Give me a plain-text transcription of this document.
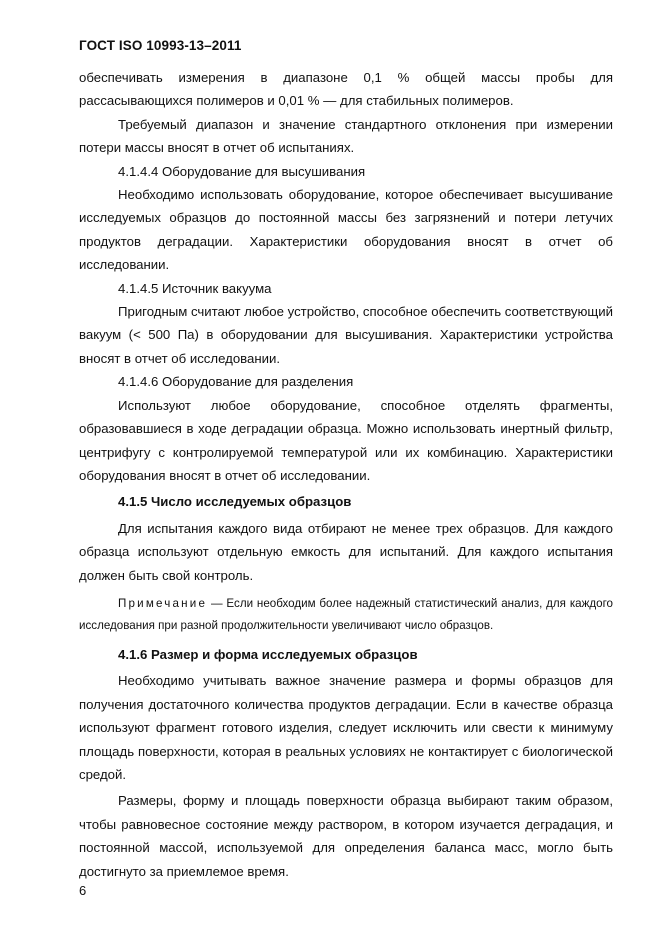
ГОСТ ISO 10993-13–2011

обеспечивать измерения в диапазоне 0,1 % общей массы пробы для рассасывающихся полимеров и 0,01 % — для стабильных полимеров.

Требуемый диапазон и значение стандартного отклонения при измерении потери массы вносят в отчет об испытаниях.

4.1.4.4 Оборудование для высушивания

Необходимо использовать оборудование, которое обеспечивает высушивание исследуемых образцов до постоянной массы без загрязнений и потери летучих продуктов деградации. Характеристики оборудования вносят в отчет об исследовании.

4.1.4.5 Источник вакуума

Пригодным считают любое устройство, способное обеспечить соответствующий вакуум (< 500 Па) в оборудовании для высушивания. Характеристики устройства вносят в отчет об исследовании.

4.1.4.6 Оборудование для разделения

Используют любое оборудование, способное отделять фрагменты, образовавшиеся в ходе деградации образца. Можно использовать инертный фильтр, центрифугу с контролируемой температурой или их комбинацию. Характеристики оборудования вносят в отчет об исследовании.

4.1.5 Число исследуемых образцов

Для испытания каждого вида отбирают не менее трех образцов. Для каждого образца используют отдельную емкость для испытаний. Для каждого испытания должен быть свой контроль.

Примечание — Если необходим более надежный статистический анализ, для каждого исследования при разной продолжительности увеличивают число образцов.

4.1.6 Размер и форма исследуемых образцов

Необходимо учитывать важное значение размера и формы образцов для получения достаточного количества продуктов деградации. Если в качестве образца используют фрагмент готового изделия, следует исключить или свести к минимуму площадь поверхности, которая в реальных условиях не контактирует с биологической средой.

Размеры, форму и площадь поверхности образца выбирают таким образом, чтобы равновесное состояние между раствором, в котором изучается деградация, и постоянной массой, используемой для определения баланса масс, могло быть достигнуто за приемлемое время.

6
